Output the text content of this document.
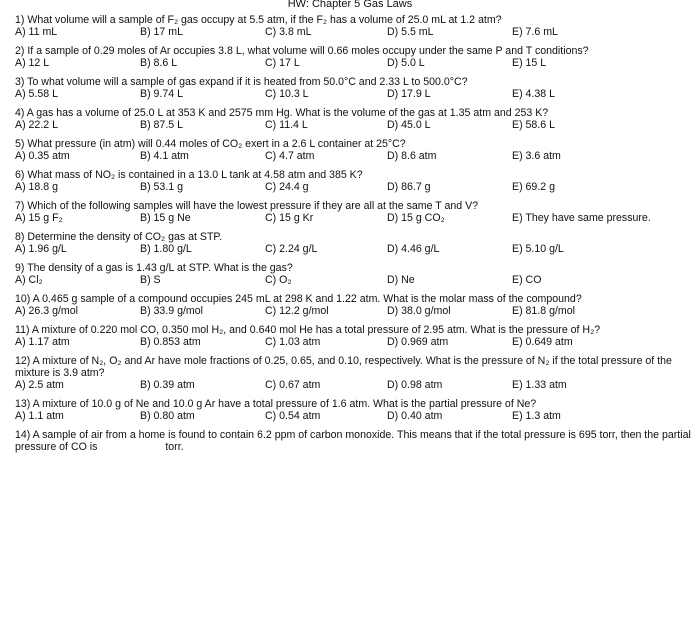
HW: Chapter 5 Gas Laws
1) What volume will a sample of F₂ gas occupy at 5.5 atm, if the F₂ has a volume of 25.0 mL at 1.2 atm?
A) 11 mL	B) 17 mL	C) 3.8 mL	D) 5.5 mL	E) 7.6 mL
2) If a sample of 0.29 moles of Ar occupies 3.8 L, what volume will 0.66 moles occupy under the same P and T conditions?
A) 12 L	B) 8.6 L	C) 17 L	D) 5.0 L	E) 15 L
3) To what volume will a sample of gas expand if it is heated from 50.0°C and 2.33 L to 500.0°C?
A) 5.58 L	B) 9.74 L	C) 10.3 L	D) 17.9 L	E) 4.38 L
4) A gas has a volume of 25.0 L at 353 K and 2575 mm Hg. What is the volume of the gas at 1.35 atm and 253 K?
A) 22.2 L	B) 87.5 L	C) 11.4 L	D) 45.0 L	E) 58.6 L
5) What pressure (in atm) will 0.44 moles of CO₂ exert in a 2.6 L container at 25°C?
A) 0.35 atm	B) 4.1 atm	C) 4.7 atm	D) 8.6 atm	E) 3.6 atm
6) What mass of NO₂ is contained in a 13.0 L tank at 4.58 atm and 385 K?
A) 18.8 g	B) 53.1 g	C) 24.4 g	D) 86.7 g	E) 69.2 g
7) Which of the following samples will have the lowest pressure if they are all at the same T and V?
A) 15 g F₂	B) 15 g Ne	C) 15 g Kr	D) 15 g CO₂	E) They have same pressure.
8) Determine the density of CO₂ gas at STP.
A) 1.96 g/L	B) 1.80 g/L	C) 2.24 g/L	D) 4.46 g/L	E) 5.10 g/L
9) The density of a gas is 1.43 g/L at STP. What is the gas?
A) Cl₂	B) S	C) O₂	D) Ne	E) CO
10) A 0.465 g sample of a compound occupies 245 mL at 298 K and 1.22 atm. What is the molar mass of the compound?
A) 26.3 g/mol	B) 33.9 g/mol	C) 12.2 g/mol	D) 38.0 g/mol	E) 81.8 g/mol
11) A mixture of 0.220 mol CO, 0.350 mol H₂, and 0.640 mol He has a total pressure of 2.95 atm. What is the pressure of H₂?
A) 1.17 atm	B) 0.853 atm	C) 1.03 atm	D) 0.969 atm	E) 0.649 atm
12) A mixture of N₂, O₂ and Ar have mole fractions of 0.25, 0.65, and 0.10, respectively. What is the pressure of N₂ if the total pressure of the mixture is 3.9 atm?
A) 2.5 atm	B) 0.39 atm	C) 0.67 atm	D) 0.98 atm	E) 1.33 atm
13) A mixture of 10.0 g of Ne and 10.0 g Ar have a total pressure of 1.6 atm. What is the partial pressure of Ne?
A) 1.1 atm	B) 0.80 atm	C) 0.54 atm	D) 0.40 atm	E) 1.3 atm
14) A sample of air from a home is found to contain 6.2 ppm of carbon monoxide. This means that if the total pressure is 695 torr, then the partial pressure of CO is	torr.
